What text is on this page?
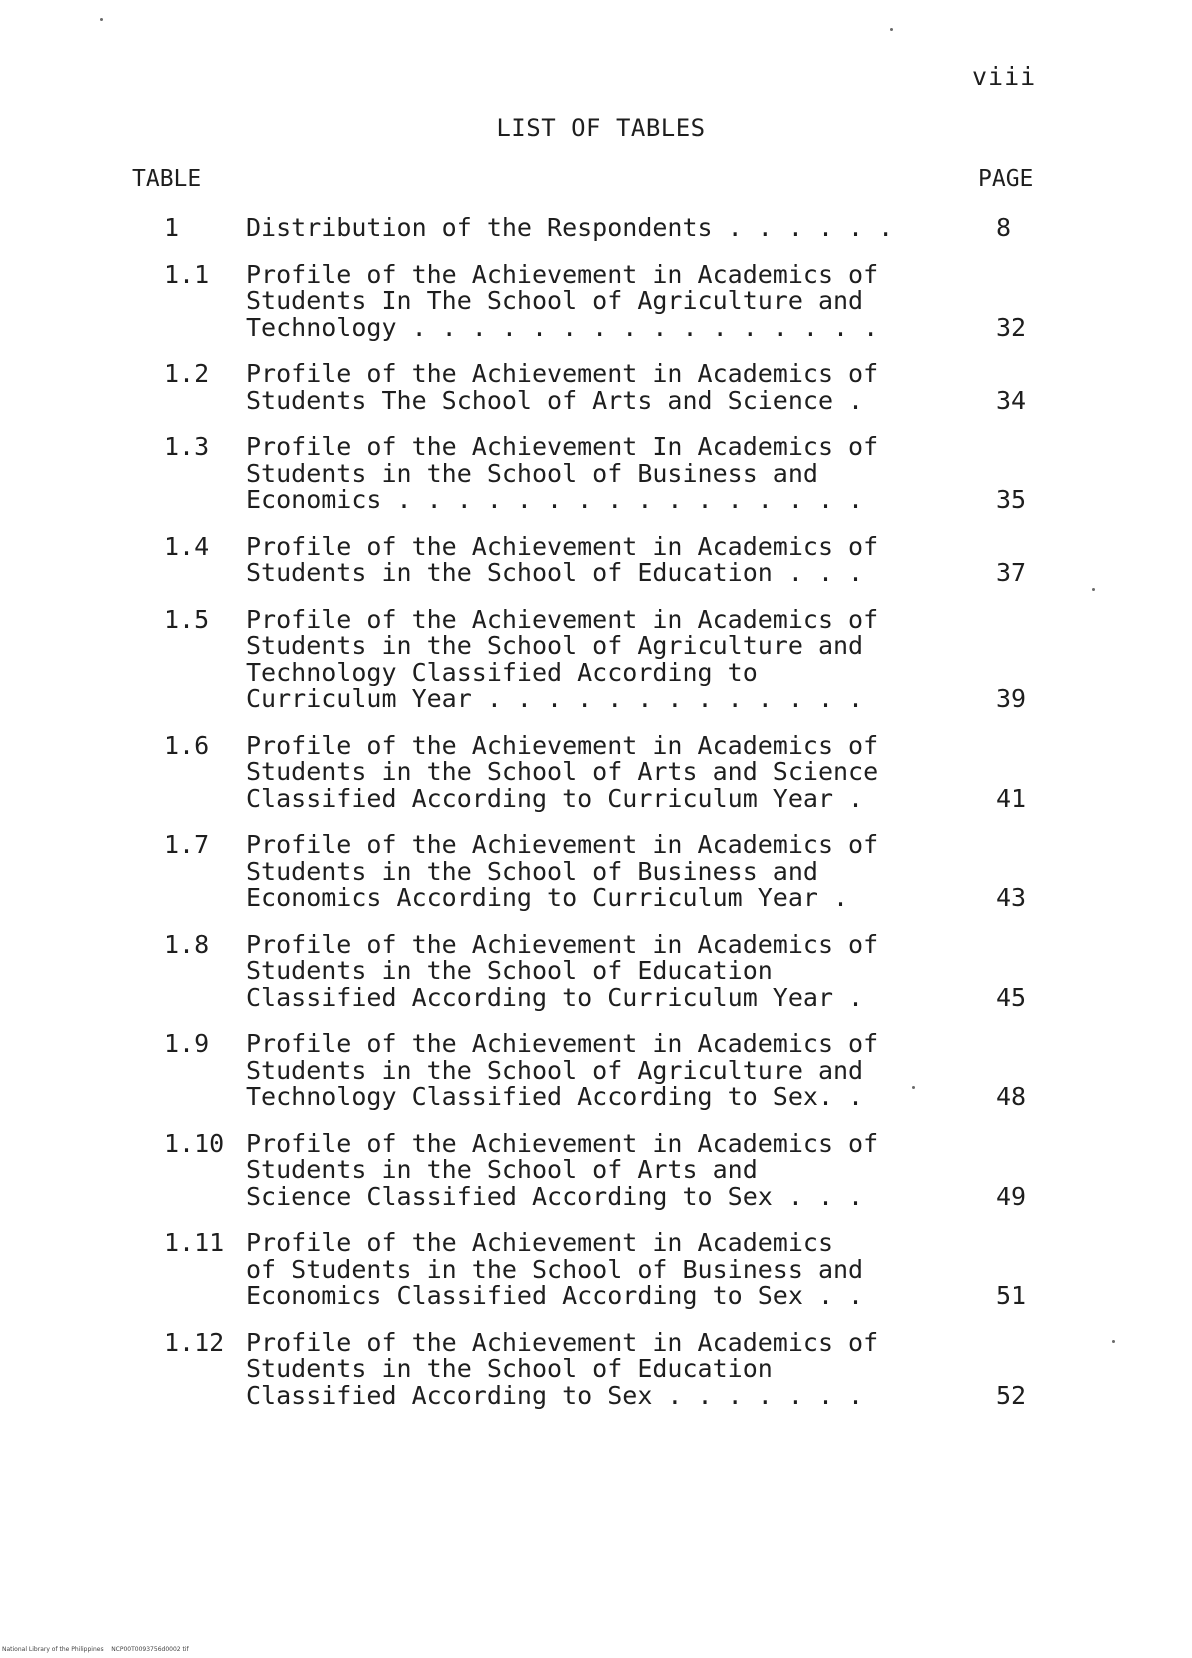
viii
LIST OF TABLES
TABLE	PAGE
1	Distribution of the Respondents . . . . . .	8
1.1 Profile of the Achievement in Academics of
Students In The School of Agriculture and
Technology . . . . . . . . . . . . . . . .	32
1.2 Profile of the Achievement in Academics of
Students The School of Arts and Science .	34
1.3 Profile of the Achievement In Academics of
Students in the School of Business and
Economics . . . . . . . . . . . . . . . .	35
1.4 Profile of the Achievement in Academics of
Students in the School of Education . . .	37
1.5 Profile of the Achievement in Academics of
Students in the School of Agriculture and
Technology Classified According to
Curriculum Year . . . . . . . . . . . . .	39
1.6 Profile of the Achievement in Academics of
Students in the School of Arts and Science
Classified According to Curriculum Year .	41
1.7 Profile of the Achievement in Academics of
Students in the School of Business and
Economics According to Curriculum Year .	43
1.8 Profile of the Achievement in Academics of
Students in the School of Education
Classified According to Curriculum Year .	45
1.9 Profile of the Achievement in Academics of
Students in the School of Agriculture and
Technology Classified According to Sex. .	48
1.10 Profile of the Achievement in Academics of
Students in the School of Arts and
Science Classified According to Sex . . .	49
1.11 Profile of the Achievement in Academics
of Students in the School of Business and
Economics Classified According to Sex . .	51
1.12 Profile of the Achievement in Academics of
Students in the School of Education
Classified According to Sex . . . . . . .	52
National Library of the Philippines    NCP00T0093756d0002 tif
